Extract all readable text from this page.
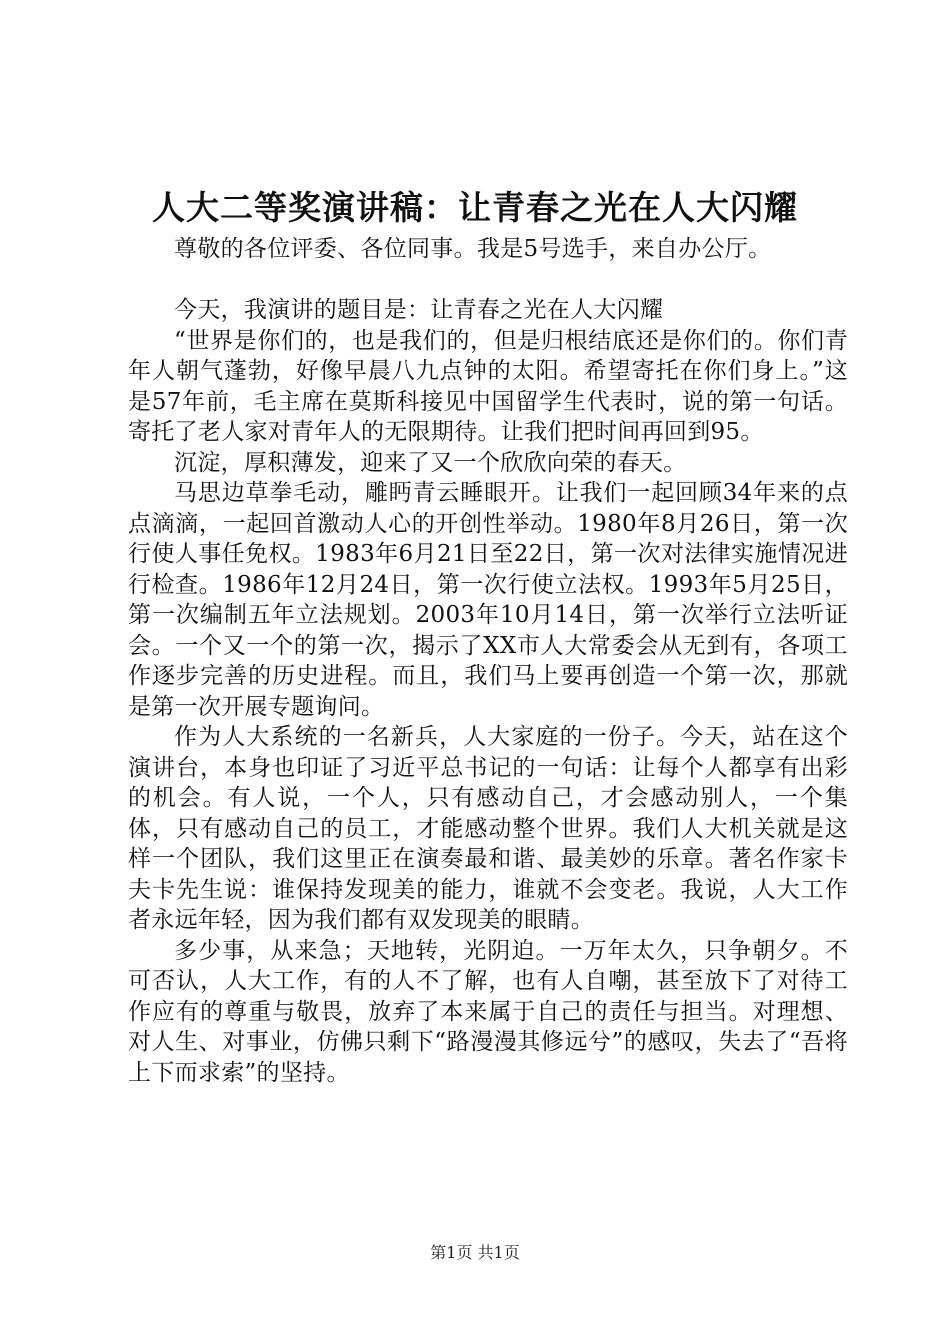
人大二等奖演讲稿：让青春之光在人大闪耀

尊敬的各位评委、各位同事。我是5号选手，来自办公厅。

今天，我演讲的题目是：让青春之光在人大闪耀

“世界是你们的，也是我们的，但是归根结底还是你们的。你们青年人朝气蓬勃，好像早晨八九点钟的太阳。希望寄托在你们身上。”这是57年前，毛主席在莫斯科接见中国留学生代表时，说的第一句话。寄托了老人家对青年人的无限期待。让我们把时间再回到95。

沉淀，厚积薄发，迎来了又一个欣欣向荣的春天。

马思边草拳毛动，雕眄青云睡眼开。让我们一起回顾34年来的点点滴滴，一起回首激动人心的开创性举动。1980年8月26日，第一次行使人事任免权。1983年6月21日至22日，第一次对法律实施情况进行检查。1986年12月24日，第一次行使立法权。1993年5月25日，第一次编制五年立法规划。2003年10月14日，第一次举行立法听证会。一个又一个的第一次，揭示了XX市人大常委会从无到有，各项工作逐步完善的历史进程。而且，我们马上要再创造一个第一次，那就是第一次开展专题询问。

作为人大系统的一名新兵，人大家庭的一份子。今天，站在这个演讲台，本身也印证了习近平总书记的一句话：让每个人都享有出彩的机会。有人说，一个人，只有感动自己，才会感动别人，一个集体，只有感动自己的员工，才能感动整个世界。我们人大机关就是这样一个团队，我们这里正在演奏最和谐、最美妙的乐章。著名作家卡夫卡先生说：谁保持发现美的能力，谁就不会变老。我说，人大工作者永远年轻，因为我们都有双发现美的眼睛。

多少事，从来急；天地转，光阴迫。一万年太久，只争朝夕。不可否认，人大工作，有的人不了解，也有人自嘲，甚至放下了对待工作应有的尊重与敬畏，放弃了本来属于自己的责任与担当。对理想、对人生、对事业，仿佛只剩下“路漫漫其修远兮”的感叹，失去了“吾将上下而求索”的坚持。

第1页 共1页
